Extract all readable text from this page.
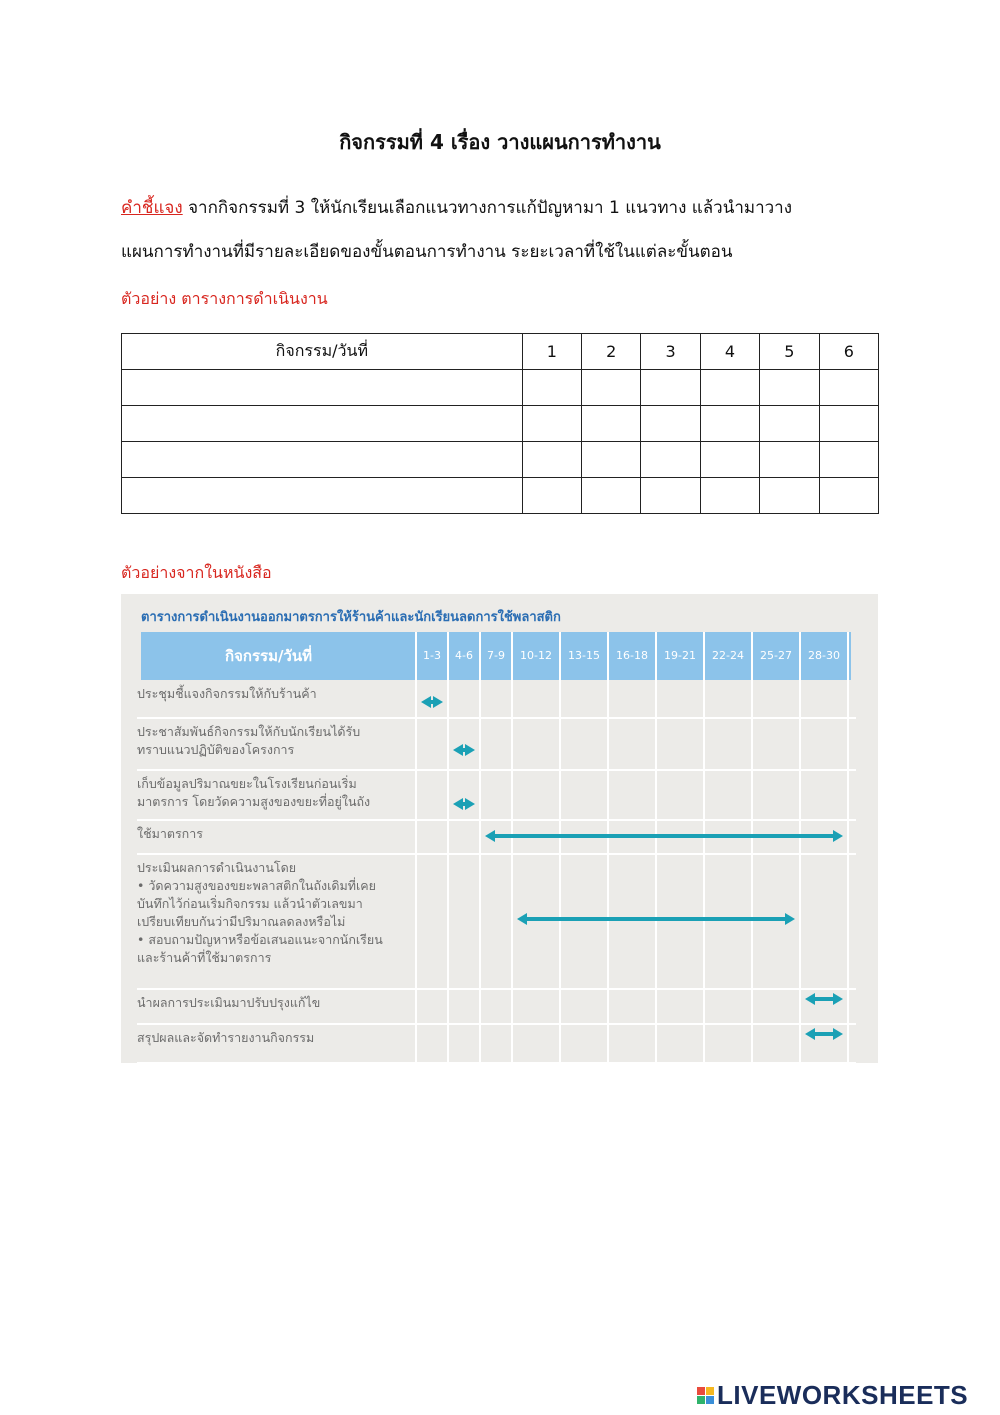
กิจกรรมที่ 4 เรื่อง วางแผนการทำงาน
คำชี้แจง จากกิจกรรมที่ 3 ให้นักเรียนเลือกแนวทางการแก้ปัญหามา 1 แนวทาง แล้วนำมาวาง
แผนการทำงานที่มีรายละเอียดของขั้นตอนการทำงาน ระยะเวลาที่ใช้ในแต่ละขั้นตอน
ตัวอย่าง ตารางการดำเนินงาน
กิจกรรม/วันที่	1	2	3	4	5	6

ตัวอย่างจากในหนังสือ
ตารางการดำเนินงานออกมาตรการให้ร้านค้าและนักเรียนลดการใช้พลาสติก
กิจกรรม/วันที่	1-3	4-6	7-9	10-12	13-15	16-18	19-21	22-24	25-27	28-30
ประชุมชี้แจงกิจกรรมให้กับร้านค้า
ประชาสัมพันธ์กิจกรรมให้กับนักเรียนได้รับ
ทราบแนวปฏิบัติของโครงการ
เก็บข้อมูลปริมาณขยะในโรงเรียนก่อนเริ่ม
มาตรการ โดยวัดความสูงของขยะที่อยู่ในถัง
ใช้มาตรการ
ประเมินผลการดำเนินงานโดย
• วัดความสูงของขยะพลาสติกในถังเดิมที่เคย
บันทึกไว้ก่อนเริ่มกิจกรรม แล้วนำตัวเลขมา
เปรียบเทียบกันว่ามีปริมาณลดลงหรือไม่
• สอบถามปัญหาหรือข้อเสนอแนะจากนักเรียน
และร้านค้าที่ใช้มาตรการ
นำผลการประเมินมาปรับปรุงแก้ไข
สรุปผลและจัดทำรายงานกิจกรรม
LIVEWORKSHEETS
